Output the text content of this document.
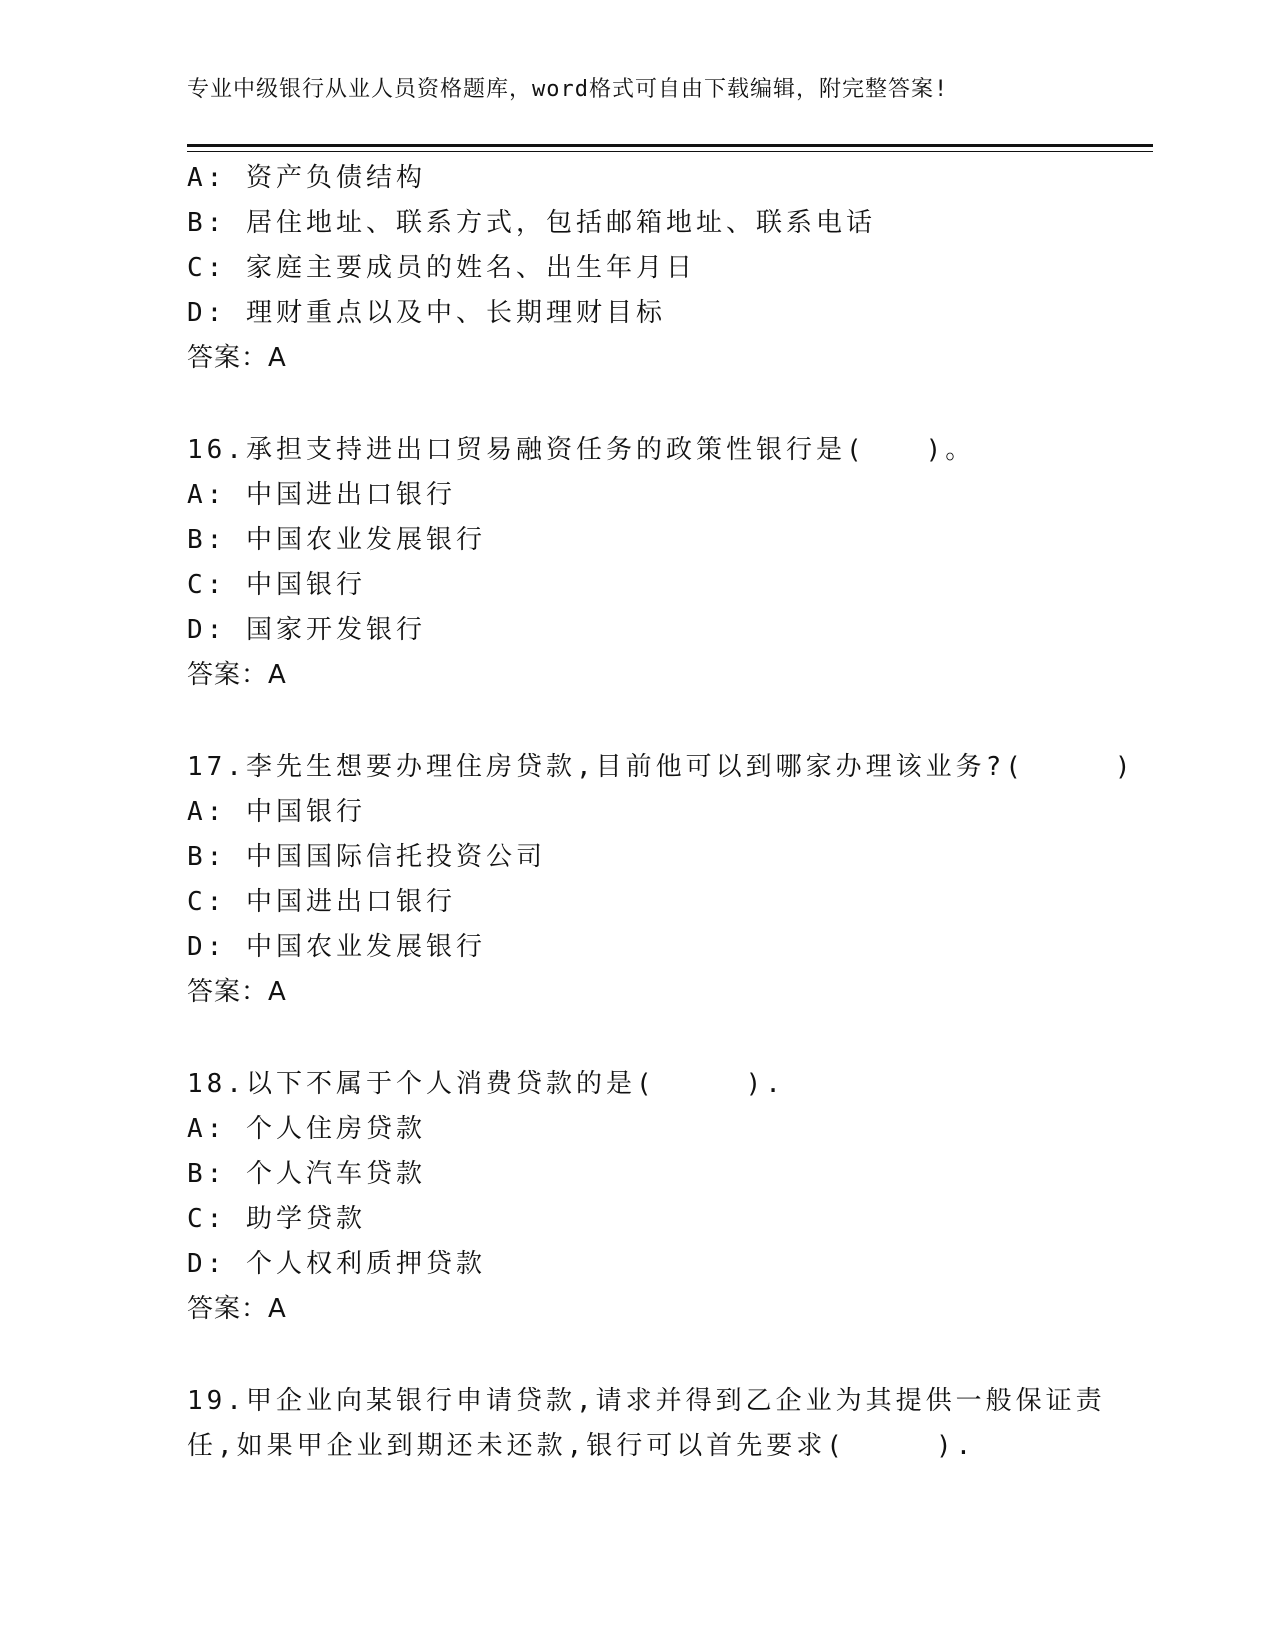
专业中级银行从业人员资格题库，word格式可自由下载编辑，附完整答案!
A: 资产负债结构
B: 居住地址、联系方式，包括邮箱地址、联系电话
C: 家庭主要成员的姓名、出生年月日
D: 理财重点以及中、长期理财目标
答案：A
16.承担支持进出口贸易融资任务的政策性银行是(　　)。
A: 中国进出口银行
B: 中国农业发展银行
C: 中国银行
D: 国家开发银行
答案：A
17.李先生想要办理住房贷款,目前他可以到哪家办理该业务?(　　　)
A: 中国银行
B: 中国国际信托投资公司
C: 中国进出口银行
D: 中国农业发展银行
答案：A
18.以下不属于个人消费贷款的是(　　　).
A: 个人住房贷款
B: 个人汽车贷款
C: 助学贷款
D: 个人权利质押贷款
答案：A
19.甲企业向某银行申请贷款,请求并得到乙企业为其提供一般保证责
任,如果甲企业到期还未还款,银行可以首先要求(　　　).
